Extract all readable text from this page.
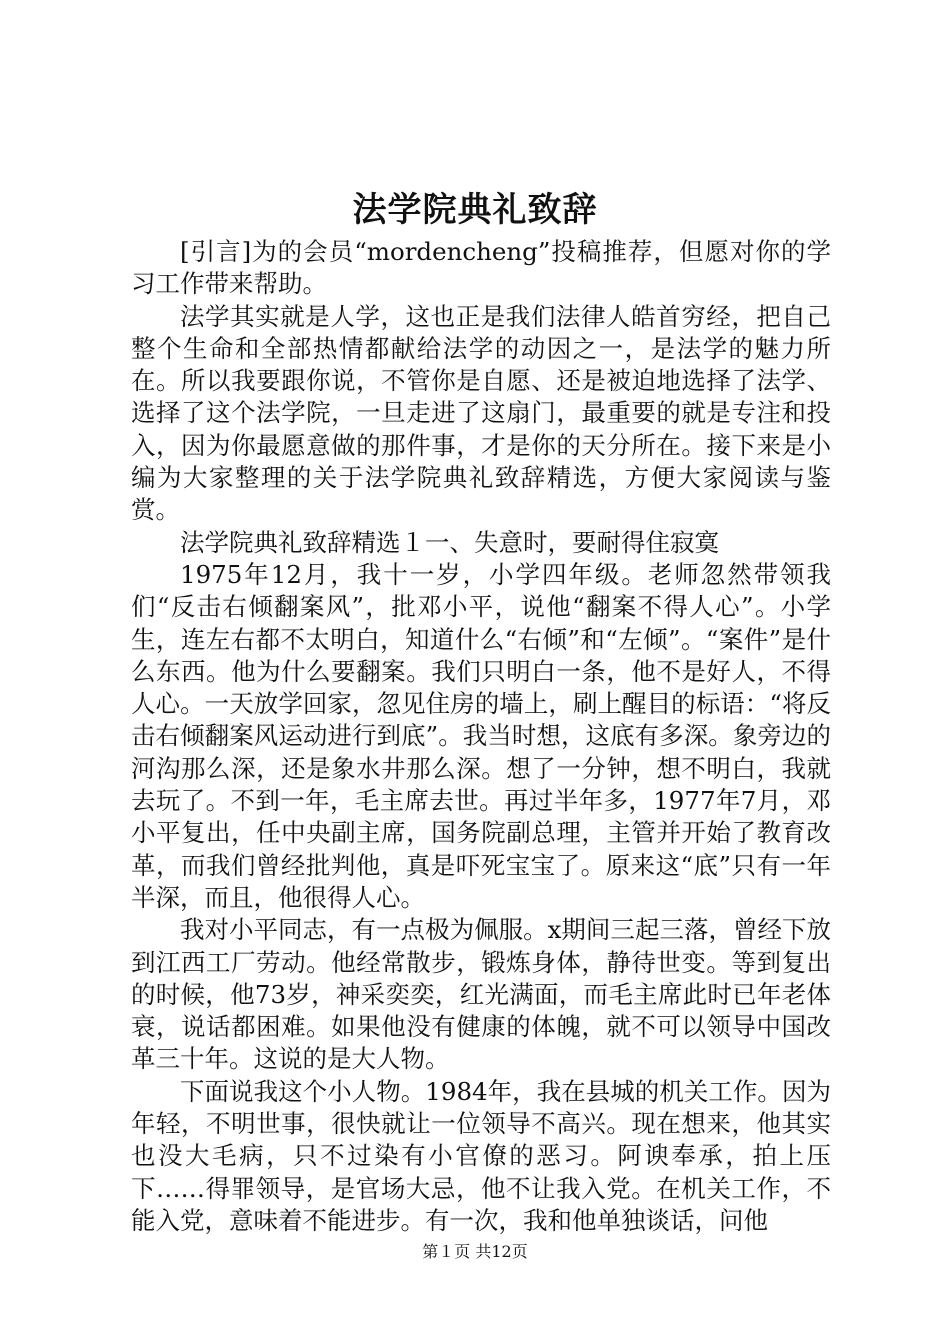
法学院典礼致辞

[引言]为的会员“mordencheng”投稿推荐，但愿对你的学习工作带来帮助。

法学其实就是人学，这也正是我们法律人皓首穷经，把自己整个生命和全部热情都献给法学的动因之一，是法学的魅力所在。所以我要跟你说，不管你是自愿、还是被迫地选择了法学、选择了这个法学院，一旦走进了这扇门，最重要的就是专注和投入，因为你最愿意做的那件事，才是你的天分所在。接下来是小编为大家整理的关于法学院典礼致辞精选，方便大家阅读与鉴赏。

法学院典礼致辞精选１一、失意时，要耐得住寂寞

1975年12月，我十一岁，小学四年级。老师忽然带领我们“反击右倾翻案风”，批邓小平，说他“翻案不得人心”。小学生，连左右都不太明白，知道什么“右倾”和“左倾”。“案件”是什么东西。他为什么要翻案。我们只明白一条，他不是好人，不得人心。一天放学回家，忽见住房的墙上，刷上醒目的标语：“将反击右倾翻案风运动进行到底”。我当时想，这底有多深。象旁边的河沟那么深，还是象水井那么深。想了一分钟，想不明白，我就去玩了。不到一年，毛主席去世。再过半年多，1977年7月，邓小平复出，任中央副主席，国务院副总理，主管并开始了教育改革，而我们曾经批判他，真是吓死宝宝了。原来这“底”只有一年半深，而且，他很得人心。

我对小平同志，有一点极为佩服。x期间三起三落，曾经下放到江西工厂劳动。他经常散步，锻炼身体，静待世变。等到复出的时候，他73岁，神采奕奕，红光满面，而毛主席此时已年老体衰，说话都困难。如果他没有健康的体魄，就不可以领导中国改革三十年。这说的是大人物。

下面说我这个小人物。1984年，我在县城的机关工作。因为年轻，不明世事，很快就让一位领导不高兴。现在想来，他其实也没大毛病，只不过染有小官僚的恶习。阿谀奉承，拍上压下……得罪领导，是官场大忌，他不让我入党。在机关工作，不能入党，意味着不能进步。有一次，我和他单独谈话，问他

第１页 共12页
